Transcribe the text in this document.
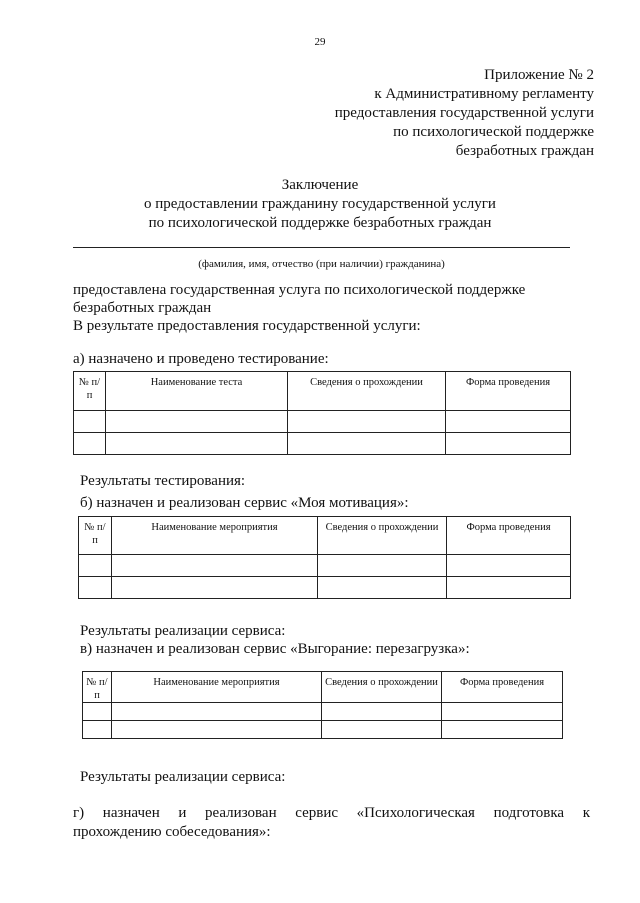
29
Приложение № 2
к Административному регламенту
предоставления государственной услуги
по психологической поддержке
безработных граждан
Заключение
о предоставлении гражданину государственной услуги
по психологической поддержке безработных граждан
(фамилия, имя, отчество (при наличии) гражданина)
предоставлена государственная услуга по психологической поддержке
безработных граждан
В результате предоставления государственной услуги:
а) назначено и проведено тестирование:
№ п/п	Наименование теста	Сведения о прохождении	Форма проведения

Результаты тестирования:
б) назначен и реализован сервис «Моя мотивация»:
№ п/п	Наименование мероприятия	Сведения о прохождении	Форма проведения

Результаты реализации сервиса:
в) назначен и реализован сервис «Выгорание: перезагрузка»:
№ п/п	Наименование мероприятия	Сведения о прохождении	Форма проведения

Результаты реализации сервиса:
г) назначен и реализован сервис «Психологическая подготовка к
прохождению собеседования»:
